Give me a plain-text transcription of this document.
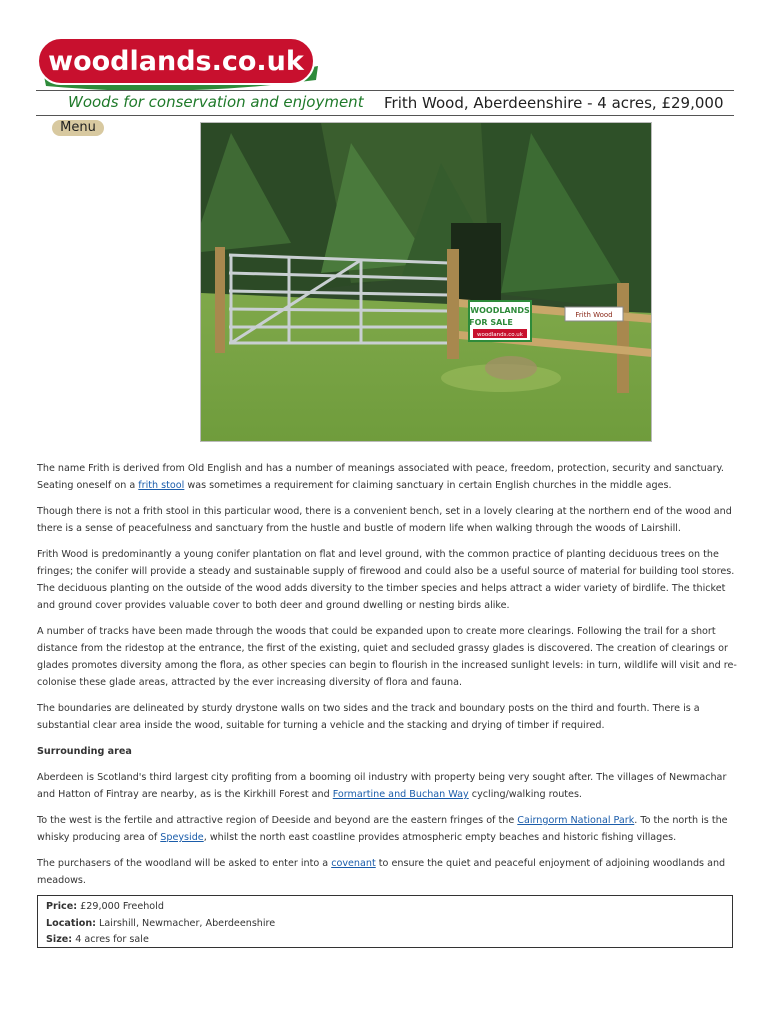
woodlands.co.uk
Woods for conservation and enjoyment Frith Wood, Aberdeenshire - 4 acres, £29,000
Menu
WOODLANDS
FOR SALE
woodlands.co.uk
Frith Wood

The name Frith is derived from Old English and has a number of meanings associated with peace, freedom, protection, security and sanctuary. Seating oneself on a frith stool was sometimes a requirement for claiming sanctuary in certain English churches in the middle ages.

Though there is not a frith stool in this particular wood, there is a convenient bench, set in a lovely clearing at the northern end of the wood and there is a sense of peacefulness and sanctuary from the hustle and bustle of modern life when walking through the woods of Lairshill.

Frith Wood is predominantly a young conifer plantation on flat and level ground, with the common practice of planting deciduous trees on the fringes; the conifer will provide a steady and sustainable supply of firewood and could also be a useful source of material for building tool stores. The deciduous planting on the outside of the wood adds diversity to the timber species and helps attract a wider variety of birdlife. The thicket and ground cover provides valuable cover to both deer and ground dwelling or nesting birds alike.

A number of tracks have been made through the woods that could be expanded upon to create more clearings. Following the trail for a short distance from the ridestop at the entrance, the first of the existing, quiet and secluded grassy glades is discovered. The creation of clearings or glades promotes diversity among the flora, as other species can begin to flourish in the increased sunlight levels: in turn, wildlife will visit and re-colonise these glade areas, attracted by the ever increasing diversity of flora and fauna.

The boundaries are delineated by sturdy drystone walls on two sides and the track and boundary posts on the third and fourth. There is a substantial clear area inside the wood, suitable for turning a vehicle and the stacking and drying of timber if required.

Surrounding area

Aberdeen is Scotland's third largest city profiting from a booming oil industry with property being very sought after. The villages of Newmachar and Hatton of Fintray are nearby, as is the Kirkhill Forest and Formartine and Buchan Way cycling/walking routes.

To the west is the fertile and attractive region of Deeside and beyond are the eastern fringes of the Cairngorm National Park. To the north is the whisky producing area of Speyside, whilst the north east coastline provides atmospheric empty beaches and historic fishing villages.

The purchasers of the woodland will be asked to enter into a covenant to ensure the quiet and peaceful enjoyment of adjoining woodlands and meadows.

Price: £29,000 Freehold
Location: Lairshill, Newmacher, Aberdeenshire
Size: 4 acres for sale
